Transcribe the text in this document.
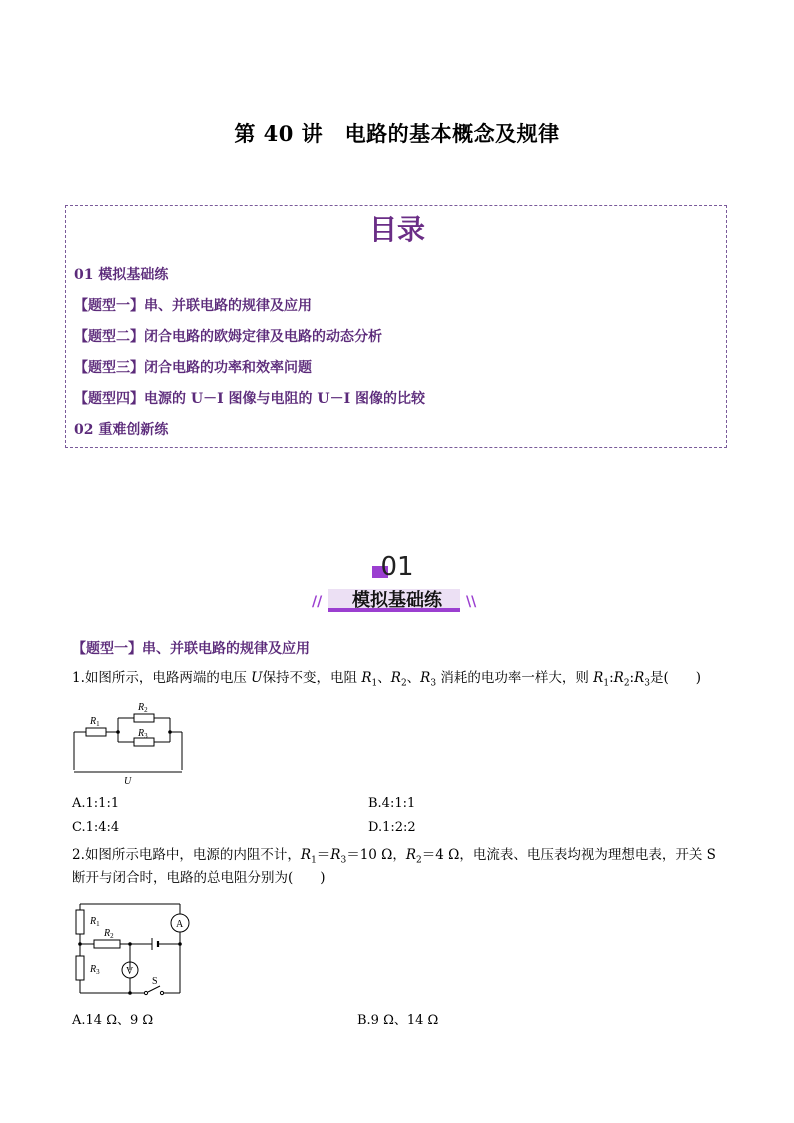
第 40 讲　电路的基本概念及规律
目录
01 模拟基础练
【题型一】串、并联电路的规律及应用
【题型二】闭合电路的欧姆定律及电路的动态分析
【题型三】闭合电路的功率和效率问题
【题型四】电源的 U－I 图像与电阻的 U－I 图像的比较
02 重难创新练
01
//	\\
模拟基础练
【题型一】串、并联电路的规律及应用
1.如图所示，电路两端的电压 U保持不变，电阻 $R_1$、$R_2$、$R_3$ 消耗的电功率一样大，则 $R_1:R_2:R_3$是(　　)
$R_1$
$R_2$
$R_3$
U
A.1:1:1	B.4:1:1
C.1:4:4	D.1:2:2
2.如图所示电路中，电源的内阻不计，$R_1=R_3=10$ Ω，$R_2=4$ Ω，电流表、电压表均视为理想电表，开关 S
断开与闭合时，电路的总电阻分别为(　　)
$R_1$
$R_2$
$R_3$
A
V
S
A.14 Ω、9 Ω	B.9 Ω、14 Ω
